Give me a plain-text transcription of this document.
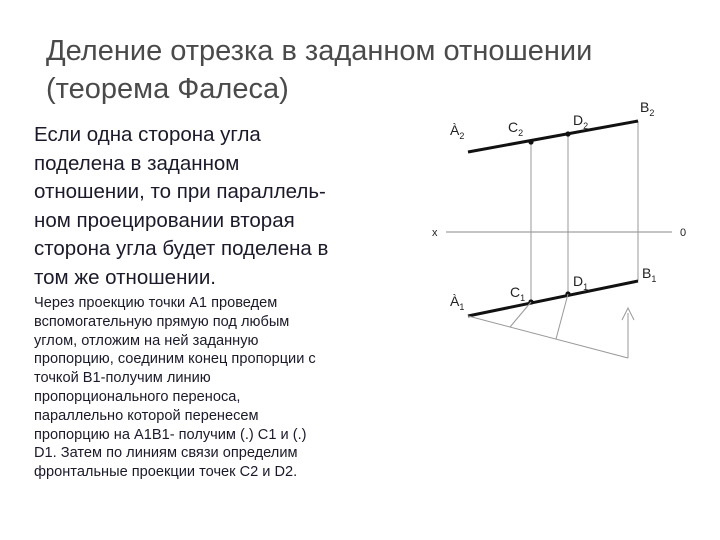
Деление отрезка в заданном отношении
(теорема Фалеса)
Если одна сторона угла
поделена в заданном
отношении, то при параллель-
ном проецировании вторая
сторона угла будет поделена в
том же отношении.
Через проекцию точки А1 проведем
вспомогательную прямую под любым
углом, отложим на ней заданную
пропорцию, соединим конец пропорции с
точкой В1-получим линию
пропорционального переноса,
параллельно которой перенесем
пропорцию на А1В1- получим (.) С1 и (.)
D1. Затем по линиям связи определим
фронтальные проекции точек С2 и D2.
x	0
$À_2$
$C_2$
$D_2$
$B_2$
$À_1$
$C_1$
$D_1$
$B_1$
